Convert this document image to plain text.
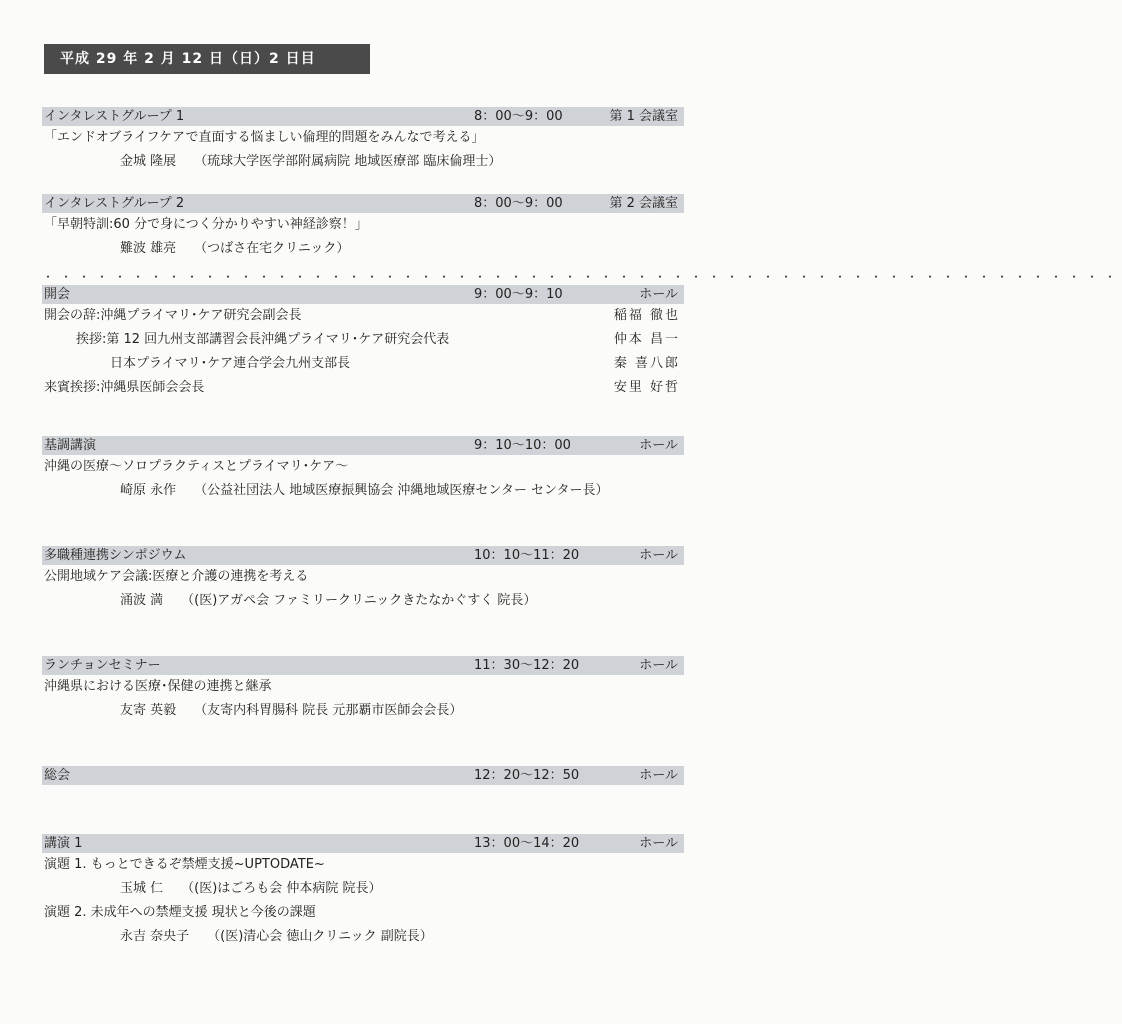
平成 29 年 2 月 12 日（日）2 日目
インタレストグループ 1	8：00〜9：00	第 1 会議室
「エンドオブライフケアで直面する悩ましい倫理的問題をみんなで考える」
金城 隆展 （琉球大学医学部附属病院 地域医療部 臨床倫理士）
インタレストグループ 2	8：00〜9：00	第 2 会議室
「早朝特訓:60 分で身につく分かりやすい神経診察！」
難波 雄亮 （つばさ在宅クリニック）
・・・・・・・・・・・・・・・・・・・・・・・・・・・・・・・・・・・・・・・・・・・・・・・・・・・・・・・・・・・・
開会	9：00〜9：10	ホール
開会の辞:沖縄プライマリ･ケア研究会副会長	稲福 徹也
挨拶:第 12 回九州支部講習会長沖縄プライマリ･ケア研究会代表	仲本 昌一
日本プライマリ･ケア連合学会九州支部長	秦 喜八郎
来賓挨拶:沖縄県医師会会長	安里 好哲
基調講演	9：10〜10：00	ホール
沖縄の医療〜ソロプラクティスとプライマリ･ケア〜
崎原 永作 （公益社団法人 地域医療振興協会 沖縄地域医療センター センター長）
多職種連携シンポジウム	10：10〜11：20	ホール
公開地域ケア会議:医療と介護の連携を考える
涌波 満 （(医)アガペ会 ファミリークリニックきたなかぐすく 院長）
ランチョンセミナー	11：30〜12：20	ホール
沖縄県における医療･保健の連携と継承
友寄 英毅 （友寄内科胃腸科 院長 元那覇市医師会会長）
総会	12：20〜12：50	ホール
講演 1	13：00〜14：20	ホール
演題 1. もっとできるぞ禁煙支援~UPTODATE~
玉城 仁 （(医)はごろも会 仲本病院 院長）
演題 2. 未成年への禁煙支援 現状と今後の課題
永吉 奈央子 （(医)清心会 徳山クリニック 副院長）
